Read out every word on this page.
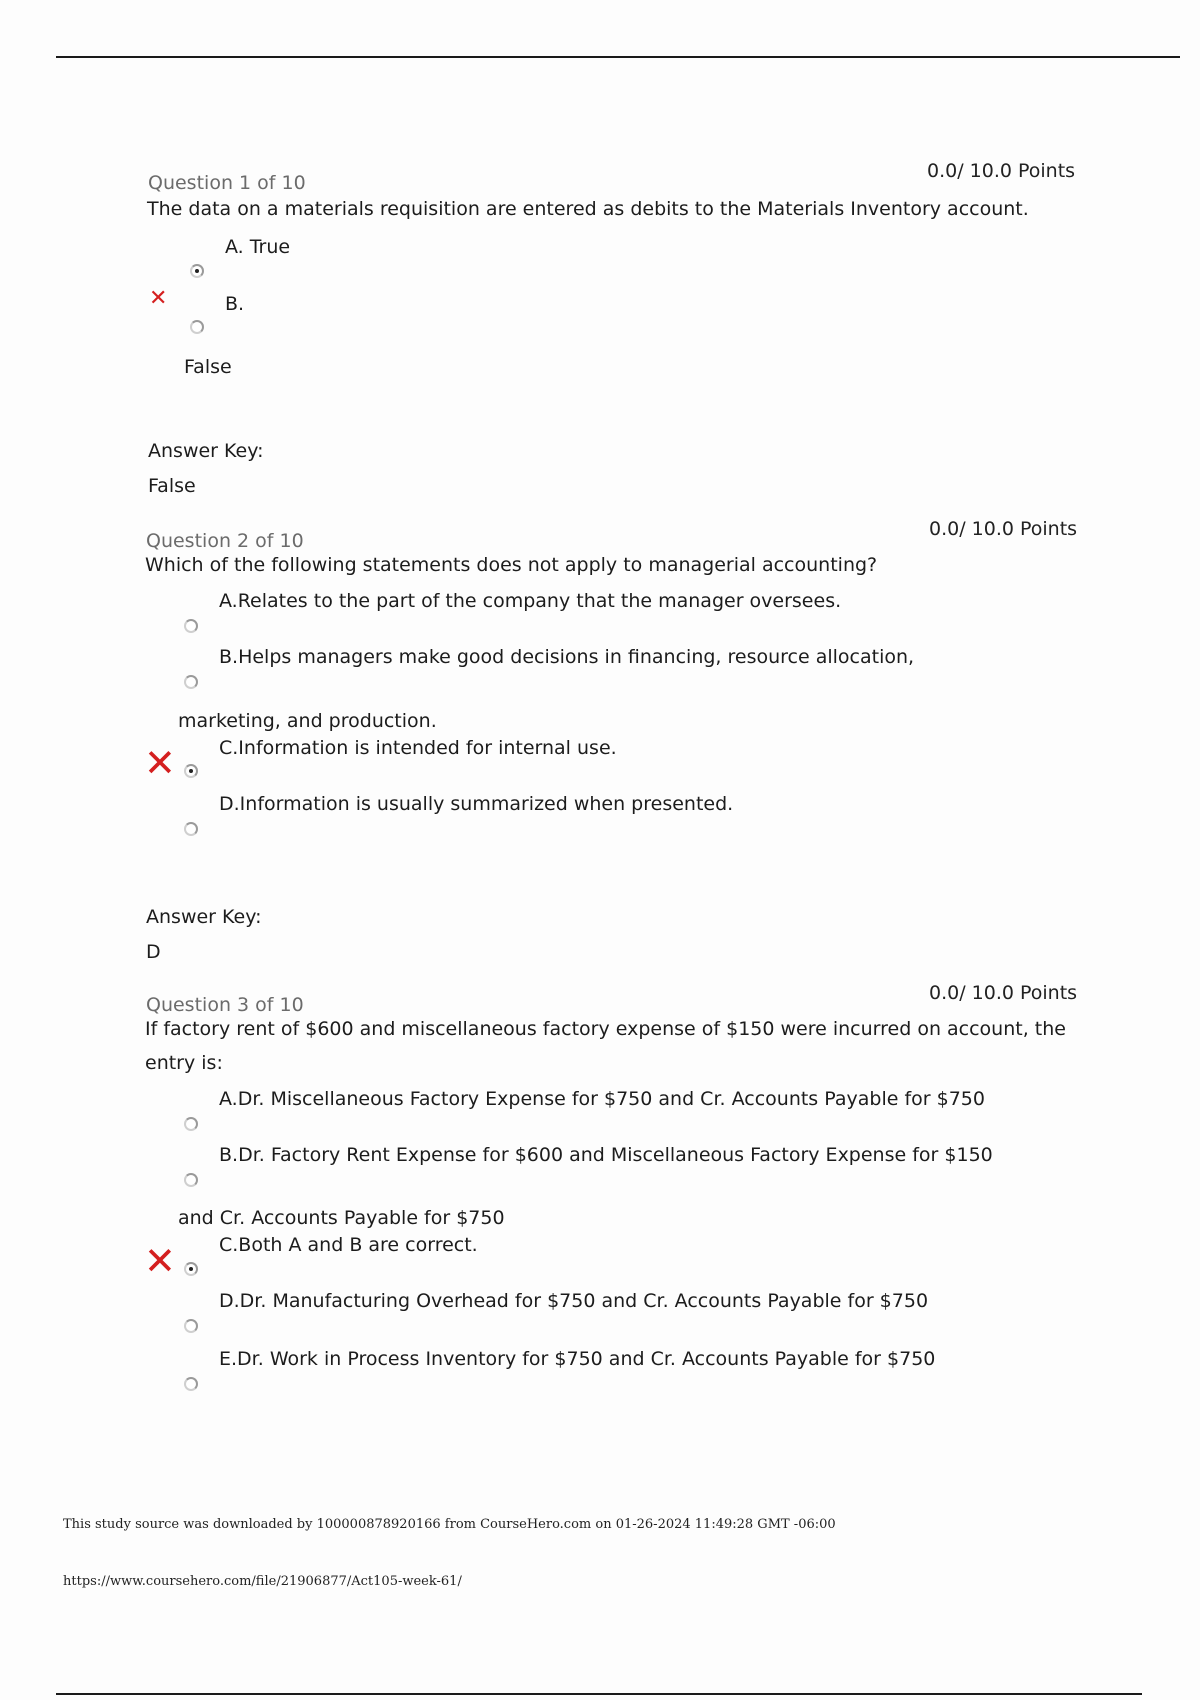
Question 1 of 10
0.0/ 10.0 Points
The data on a materials requisition are entered as debits to the Materials Inventory account.
A. True
✕	B.
False
Answer Key:
False
Question 2 of 10
0.0/ 10.0 Points
Which of the following statements does not apply to managerial accounting?
A.Relates to the part of the company that the manager oversees.
B.Helps managers make good decisions in financing, resource allocation,
marketing, and production.
✕ C.Information is intended for internal use.
D.Information is usually summarized when presented.
Answer Key:
D
Question 3 of 10
0.0/ 10.0 Points
If factory rent of $600 and miscellaneous factory expense of $150 were incurred on account, the entry is:
A.Dr. Miscellaneous Factory Expense for $750 and Cr. Accounts Payable for $750
B.Dr. Factory Rent Expense for $600 and Miscellaneous Factory Expense for $150
and Cr. Accounts Payable for $750
✕ C.Both A and B are correct.
D.Dr. Manufacturing Overhead for $750 and Cr. Accounts Payable for $750
E.Dr. Work in Process Inventory for $750 and Cr. Accounts Payable for $750
This study source was downloaded by 100000878920166 from CourseHero.com on 01-26-2024 11:49:28 GMT -06:00
https://www.coursehero.com/file/21906877/Act105-week-61/
